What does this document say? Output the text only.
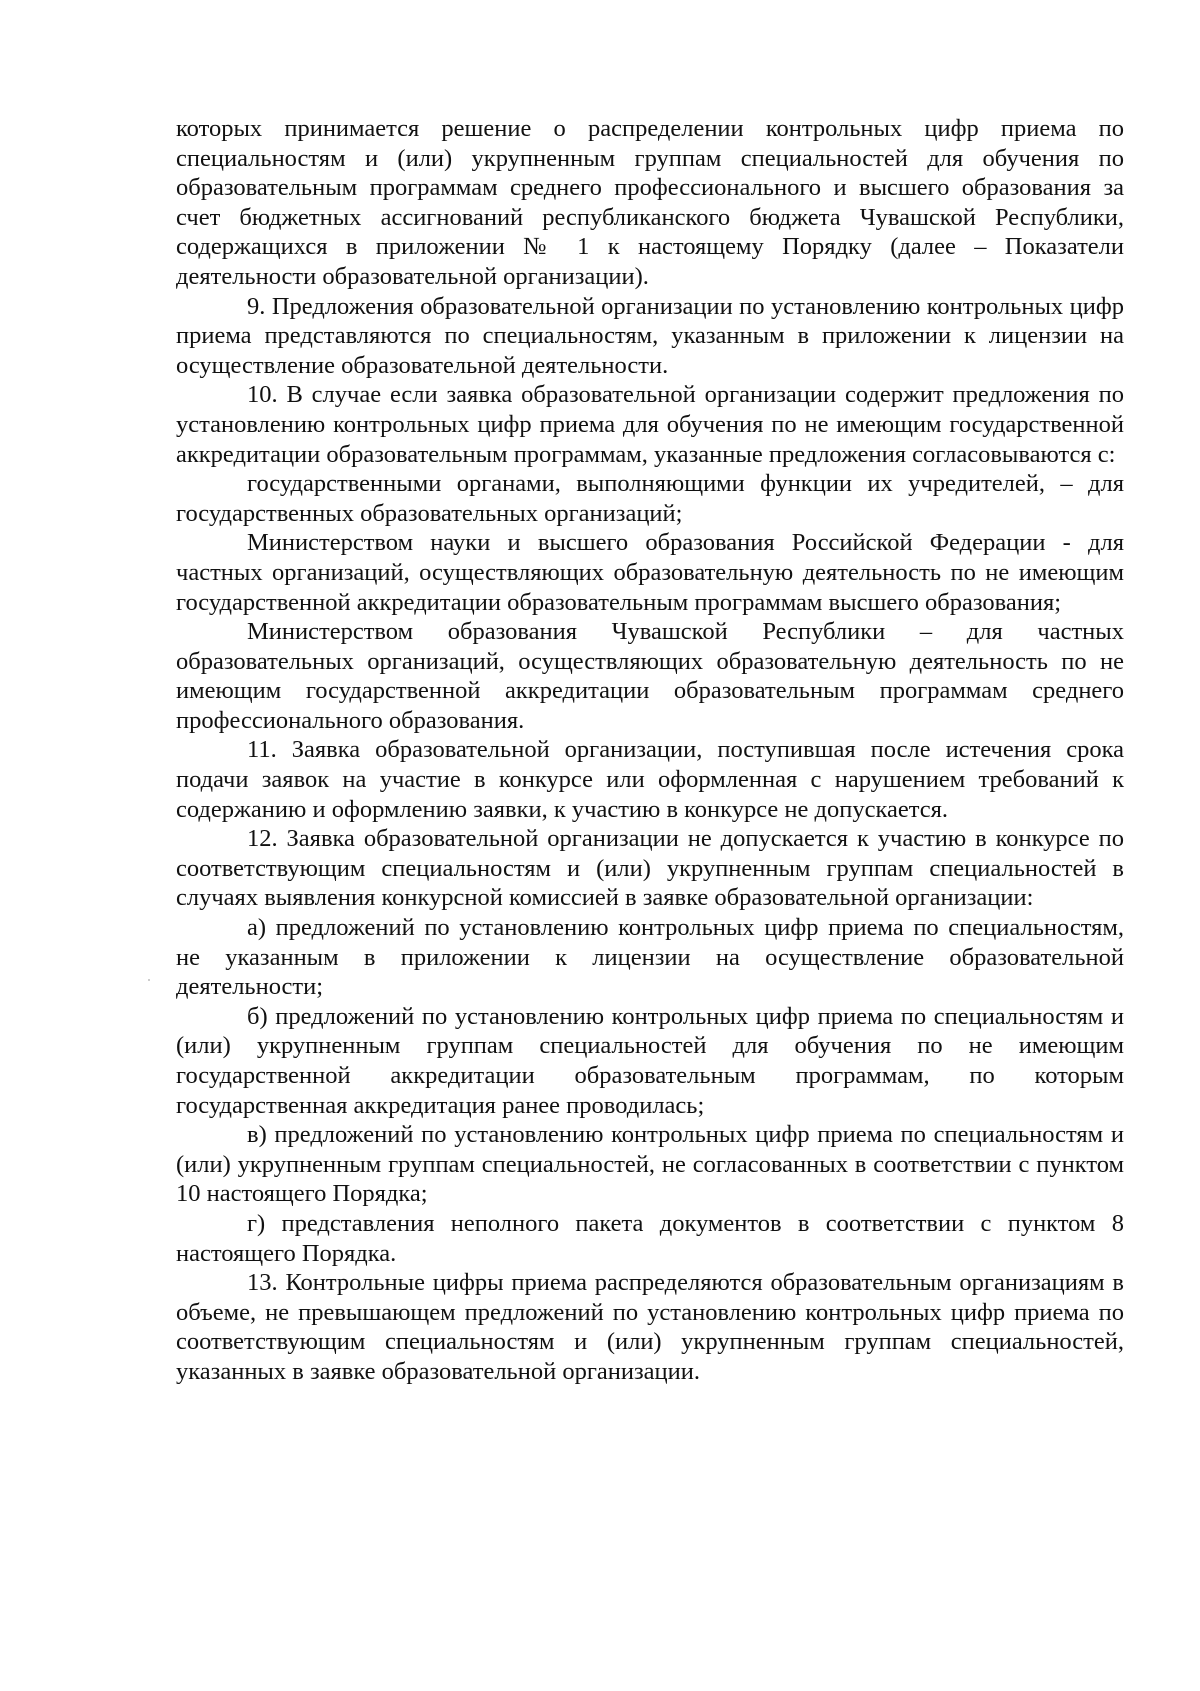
которых принимается решение о распределении контрольных цифр приема по специальностям и (или) укрупненным группам специальностей для обучения по образовательным программам среднего профессионального и высшего образования за счет бюджетных ассигнований республиканского бюджета Чувашской Республики, содержащихся в приложении № 1 к настоящему Порядку (далее – Показатели деятельности образовательной организации).

9. Предложения образовательной организации по установлению контрольных цифр приема представляются по специальностям, указанным в приложении к лицензии на осуществление образовательной деятельности.

10. В случае если заявка образовательной организации содержит предложения по установлению контрольных цифр приема для обучения по не имеющим государственной аккредитации образовательным программам, указанные предложения согласовываются с:

государственными органами, выполняющими функции их учредителей, – для государственных образовательных организаций;

Министерством науки и высшего образования Российской Федерации - для частных организаций, осуществляющих образовательную деятельность по не имеющим государственной аккредитации образовательным программам высшего образования;

Министерством образования Чувашской Республики – для частных образовательных организаций, осуществляющих образовательную деятельность по не имеющим государственной аккредитации образовательным программам среднего профессионального образования.

11. Заявка образовательной организации, поступившая после истечения срока подачи заявок на участие в конкурсе или оформленная с нарушением требований к содержанию и оформлению заявки, к участию в конкурсе не допускается.

12. Заявка образовательной организации не допускается к участию в конкурсе по соответствующим специальностям и (или) укрупненным группам специальностей в случаях выявления конкурсной комиссией в заявке образовательной организации:

а) предложений по установлению контрольных цифр приема по специальностям, не указанным в приложении к лицензии на осуществление образовательной деятельности;

б) предложений по установлению контрольных цифр приема по специальностям и (или) укрупненным группам специальностей для обучения по не имеющим государственной аккредитации образовательным программам, по которым государственная аккредитация ранее проводилась;

в) предложений по установлению контрольных цифр приема по специальностям и (или) укрупненным группам специальностей, не согласованных в соответствии с пунктом 10 настоящего Порядка;

г) представления неполного пакета документов в соответствии с пунктом 8 настоящего Порядка.

13. Контрольные цифры приема распределяются образовательным организациям в объеме, не превышающем предложений по установлению контрольных цифр приема по соответствующим специальностям и (или) укрупненным группам специальностей, указанных в заявке образовательной организации.
